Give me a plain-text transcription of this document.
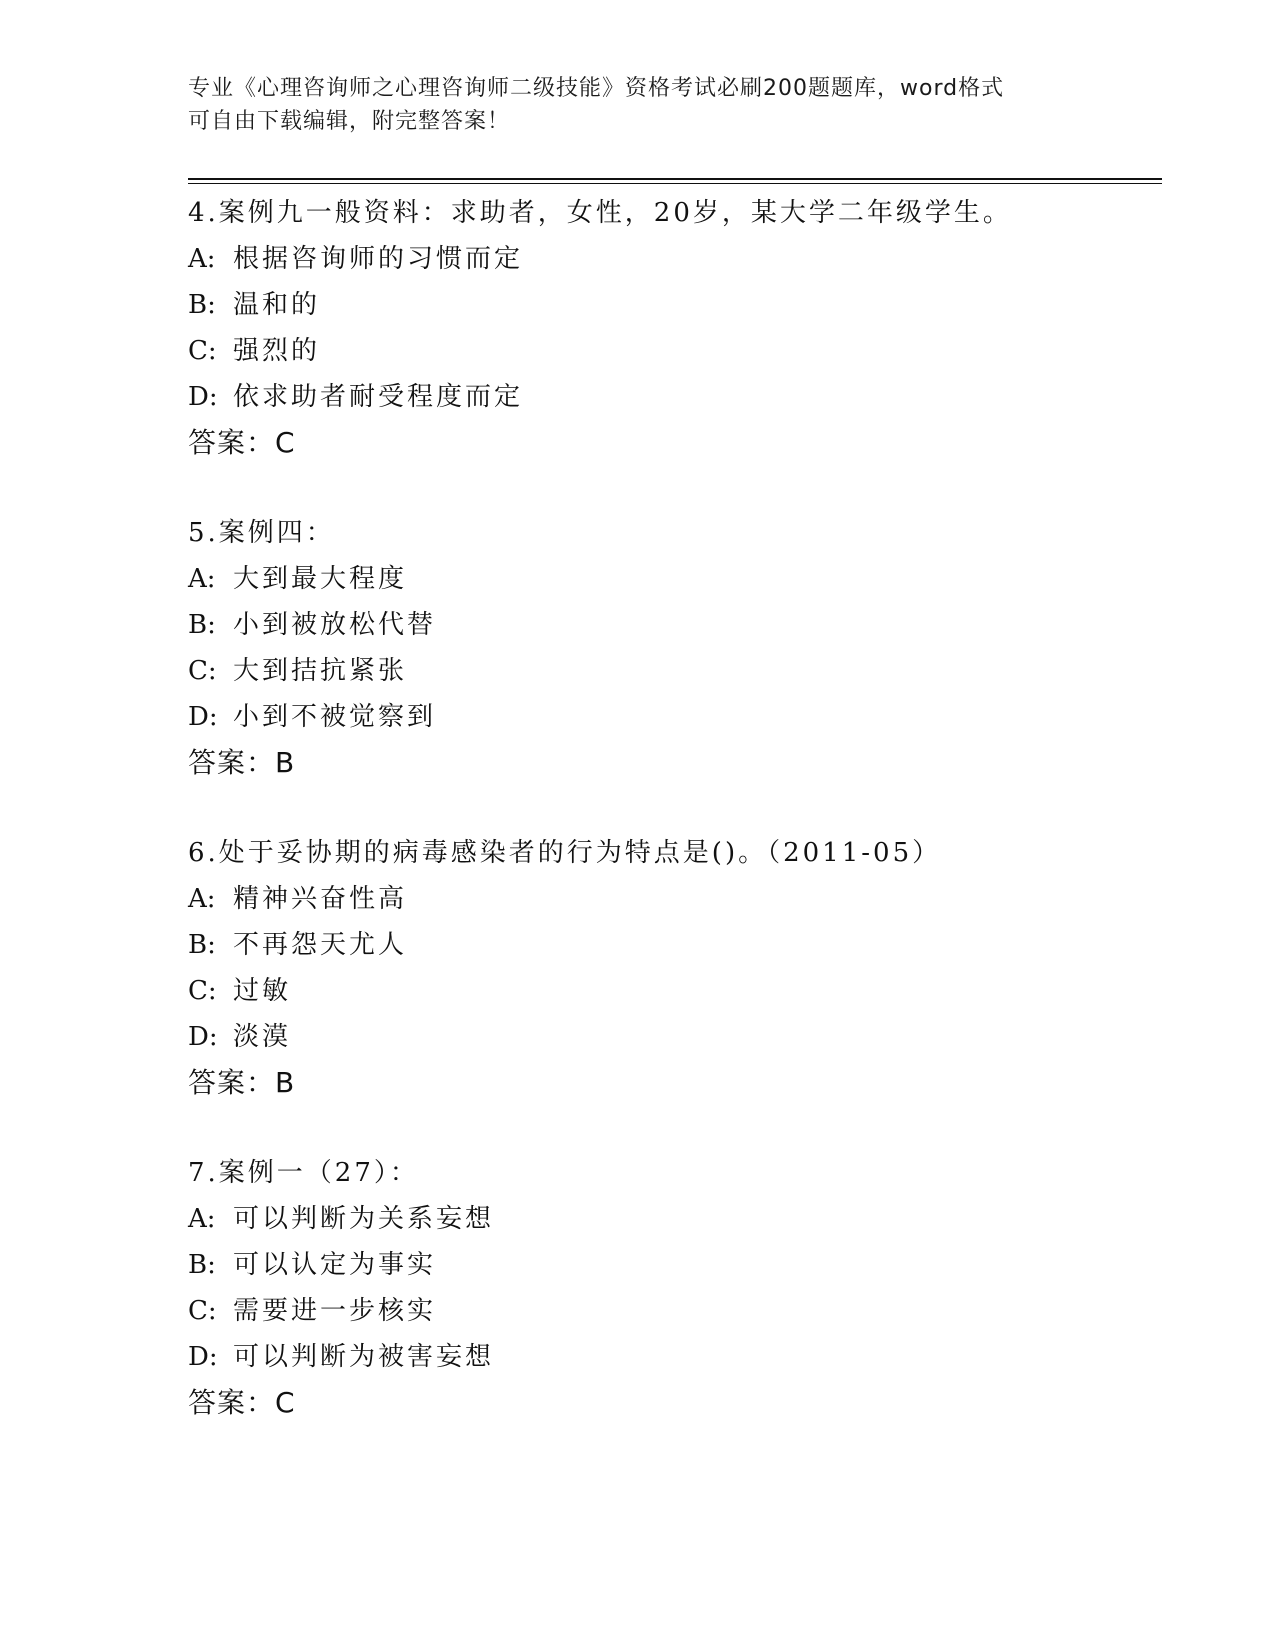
专业《心理咨询师之心理咨询师二级技能》资格考试必刷200题题库，word格式
可自由下载编辑，附完整答案！
4.案例九一般资料：求助者，女性，20岁，某大学二年级学生。
A: 根据咨询师的习惯而定
B: 温和的
C: 强烈的
D: 依求助者耐受程度而定
答案：C
5.案例四：
A: 大到最大程度
B: 小到被放松代替
C: 大到拮抗紧张
D: 小到不被觉察到
答案：B
6.处于妥协期的病毒感染者的行为特点是()。（2011-05）
A: 精神兴奋性高
B: 不再怨天尤人
C: 过敏
D: 淡漠
答案：B
7.案例一（27）：
A: 可以判断为关系妄想
B: 可以认定为事实
C: 需要进一步核实
D: 可以判断为被害妄想
答案：C
